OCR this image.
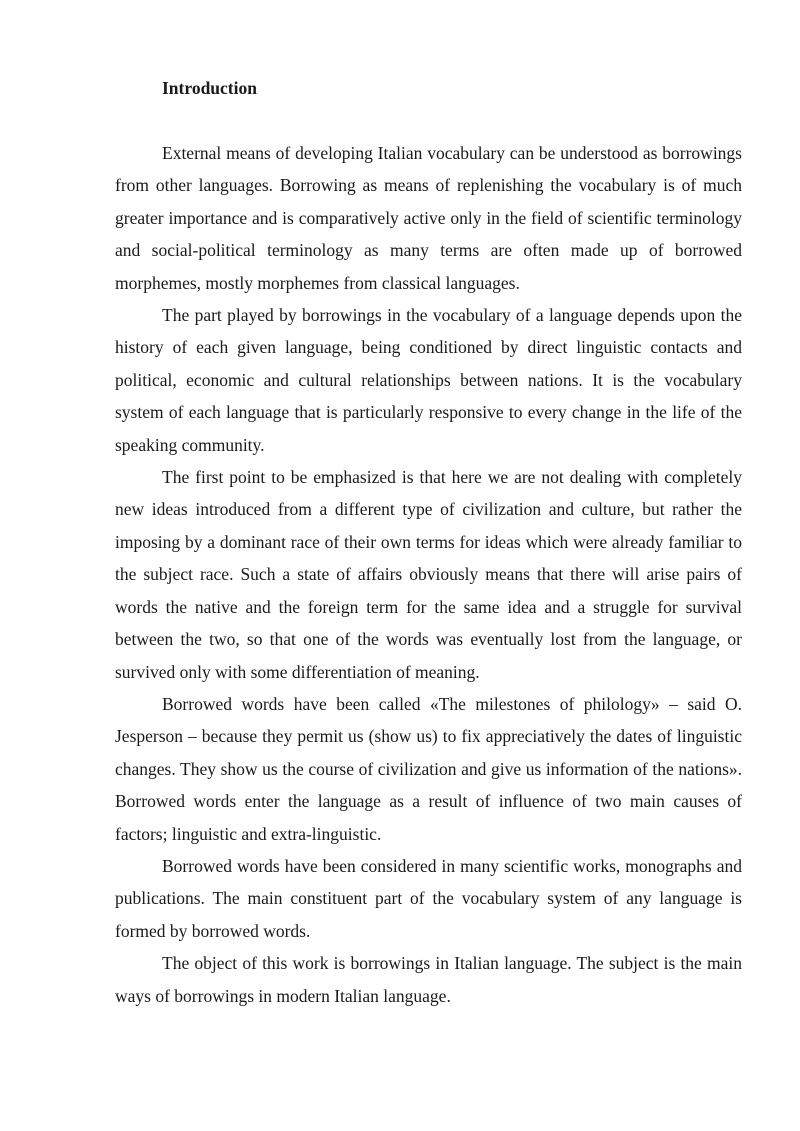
Introduction

External means of developing Italian vocabulary can be understood as borrowings from other languages. Borrowing as means of replenishing the vocabulary is of much greater importance and is comparatively active only in the field of scientific terminology and social-political terminology as many terms are often made up of borrowed morphemes, mostly morphemes from classical languages.

The part played by borrowings in the vocabulary of a language depends upon the history of each given language, being conditioned by direct linguistic contacts and political, economic and cultural relationships between nations. It is the vocabulary system of each language that is particularly responsive to every change in the life of the speaking community.

The first point to be emphasized is that here we are not dealing with completely new ideas introduced from a different type of civilization and culture, but rather the imposing by a dominant race of their own terms for ideas which were already familiar to the subject race. Such a state of affairs obviously means that there will arise pairs of words the native and the foreign term for the same idea and a struggle for survival between the two, so that one of the words was eventually lost from the language, or survived only with some differentiation of meaning.

Borrowed words have been called «The milestones of philology» – said O. Jesperson – because they permit us (show us) to fix appreciatively the dates of linguistic changes. They show us the course of civilization and give us information of the nations». Borrowed words enter the language as a result of influence of two main causes of factors; linguistic and extra-linguistic.

Borrowed words have been considered in many scientific works, monographs and publications. The main constituent part of the vocabulary system of any language is formed by borrowed words.

The object of this work is borrowings in Italian language. The subject is the main ways of borrowings in modern Italian language.
